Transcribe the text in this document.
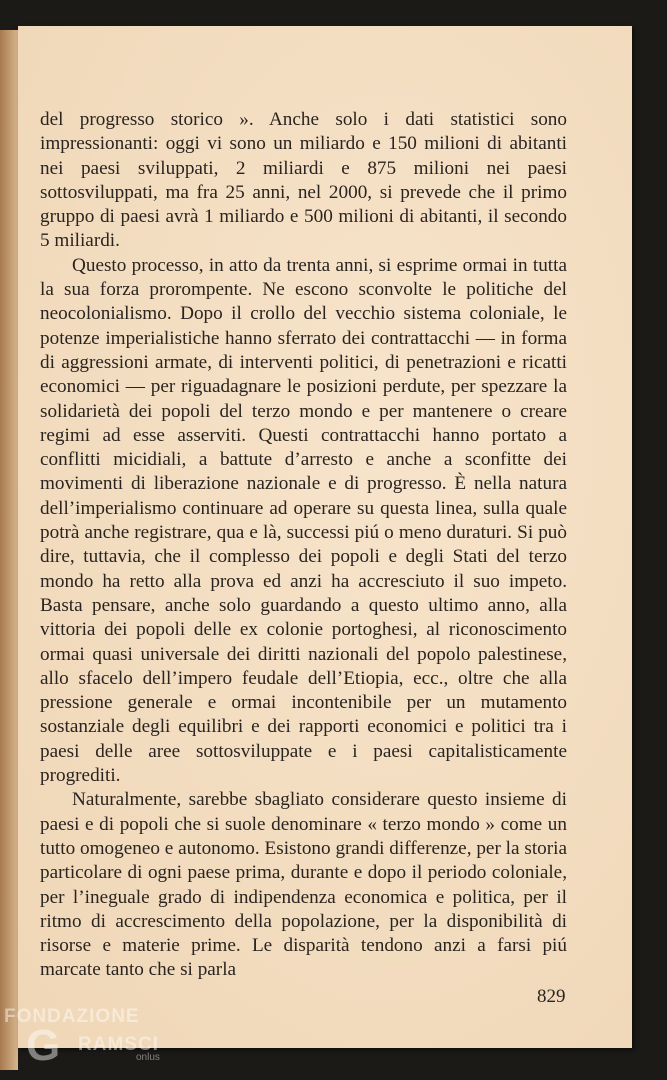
del progresso storico ». Anche solo i dati statistici sono impressionanti: oggi vi sono un miliardo e 150 milioni di abitanti nei paesi sviluppati, 2 miliardi e 875 milioni nei paesi sottosviluppati, ma fra 25 anni, nel 2000, si prevede che il primo gruppo di paesi avrà 1 miliardo e 500 milioni di abitanti, il secondo 5 miliardi.

Questo processo, in atto da trenta anni, si esprime ormai in tutta la sua forza prorompente. Ne escono sconvolte le politiche del neocolonialismo. Dopo il crollo del vecchio sistema coloniale, le potenze imperialistiche hanno sferrato dei contrattacchi — in forma di aggressioni armate, di interventi politici, di penetrazioni e ricatti economici — per riguadagnare le posizioni perdute, per spezzare la solidarietà dei popoli del terzo mondo e per mantenere o creare regimi ad esse asserviti. Questi contrattacchi hanno portato a conflitti micidiali, a battute d’arresto e anche a sconfitte dei movimenti di liberazione nazionale e di progresso. È nella natura dell’imperialismo continuare ad operare su questa linea, sulla quale potrà anche registrare, qua e là, successi piú o meno duraturi. Si può dire, tuttavia, che il complesso dei popoli e degli Stati del terzo mondo ha retto alla prova ed anzi ha accresciuto il suo impeto. Basta pensare, anche solo guardando a questo ultimo anno, alla vittoria dei popoli delle ex colonie portoghesi, al riconoscimento ormai quasi universale dei diritti nazionali del popolo palestinese, allo sfacelo dell’impero feudale dell’Etiopia, ecc., oltre che alla pressione generale e ormai incontenibile per un mutamento sostanziale degli equilibri e dei rapporti economici e politici tra i paesi delle aree sottosviluppate e i paesi capitalisticamente progrediti.

Naturalmente, sarebbe sbagliato considerare questo insieme di paesi e di popoli che si suole denominare « terzo mondo » come un tutto omogeneo e autonomo. Esistono grandi differenze, per la storia particolare di ogni paese prima, durante e dopo il periodo coloniale, per l’ineguale grado di indipendenza economica e politica, per il ritmo di accrescimento della popolazione, per la disponibilità di risorse e materie prime. Le disparità tendono anzi a farsi piú marcate tanto che si parla

829
FONDAZIONE
G RAMSCI
onlus
